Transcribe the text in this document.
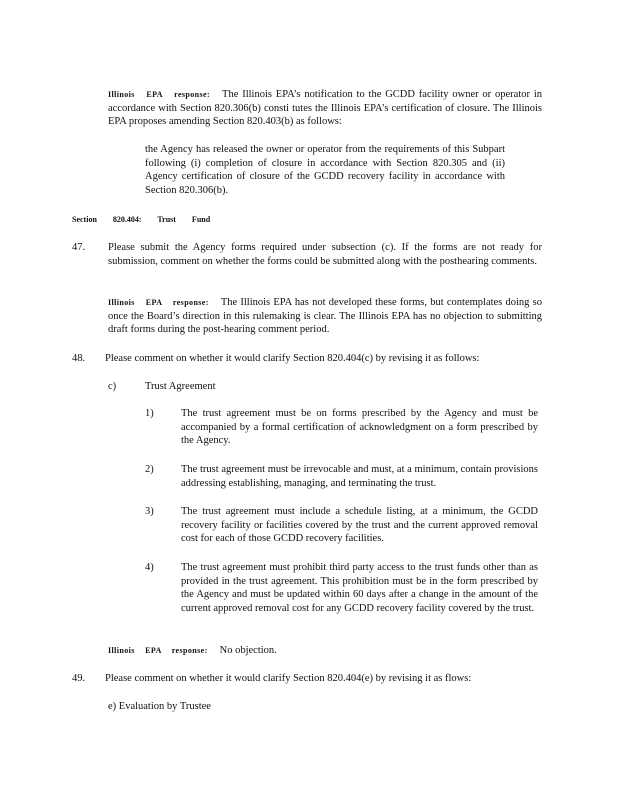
Illinois EPA response: The Illinois EPA’s notification to the GCDD facility owner or operator in accordance with Section 820.306(b) consti tutes the Illinois EPA’s certification of closure. The Illinois EPA proposes amending Section 820.403(b) as follows:

the Agency has released the owner or operator from the requirements of this Subpart following (i) completion of closure in accordance with Section 820.305 and (ii) Agency certification of closure of the GCDD recovery facility in accordance with Section 820.306(b).

Section 820.404: Trust Fund

47. Please submit the Agency forms required under subsection (c). If the forms are not ready for submission, comment on whether the forms could be submitted along with the posthearing comments.

Illinois EPA response: The Illinois EPA has not developed these forms, but contemplates doing so once the Board’s direction in this rulemaking is clear. The Illinois EPA has no objection to submitting draft forms during the post-hearing comment period.

48. Please comment on whether it would clarify Section 820.404(c) by revising it as follows:

c)	Trust Agreement
1)	The trust agreement must be on forms prescribed by the Agency and must be accompanied by a formal certification of acknowledgment on a form prescribed by the Agency.

2)	The trust agreement must be irrevocable and must, at a minimum, contain provisions addressing establishing, managing, and terminating the trust.

3)	The trust agreement must include a schedule listing, at a minimum, the GCDD recovery facility or facilities covered by the trust and the current approved removal cost for each of those GCDD recovery facilities.

4)	The trust agreement must prohibit third party access to the trust funds other than as provided in the trust agreement. This prohibition must be in the form prescribed by the Agency and must be updated within 60 days after a change in the amount of the current approved removal cost for any GCDD recovery facility covered by the trust.

Illinois EPA response: No objection.

49. Please comment on whether it would clarify Section 820.404(e) by revising it as flows:

e) Evaluation by Trustee
